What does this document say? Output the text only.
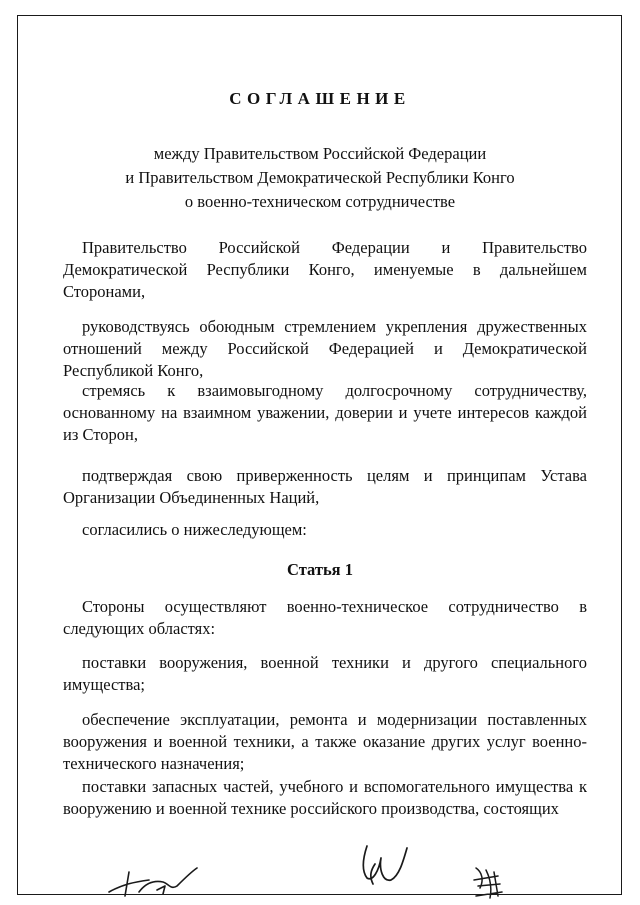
СОГЛАШЕНИЕ
между Правительством Российской Федерации
и Правительством Демократической Республики Конго
о военно-техническом сотрудничестве

Правительство Российской Федерации и Правительство Демократической Республики Конго, именуемые в дальнейшем Сторонами,

руководствуясь обоюдным стремлением укрепления дружественных отношений между Российской Федерацией и Демократической Республикой Конго,

стремясь к взаимовыгодному долгосрочному сотрудничеству, основанному на взаимном уважении, доверии и учете интересов каждой из Сторон,

подтверждая свою приверженность целям и принципам Устава Организации Объединенных Наций,

согласились о нижеследующем:

Статья 1

Стороны осуществляют военно-техническое сотрудничество в следующих областях:

поставки вооружения, военной техники и другого специального имущества;

обеспечение эксплуатации, ремонта и модернизации поставленных вооружения и военной техники, а также оказание других услуг военно-технического назначения;

поставки запасных частей, учебного и вспомогательного имущества к вооружению и военной технике российского производства, состоящих
